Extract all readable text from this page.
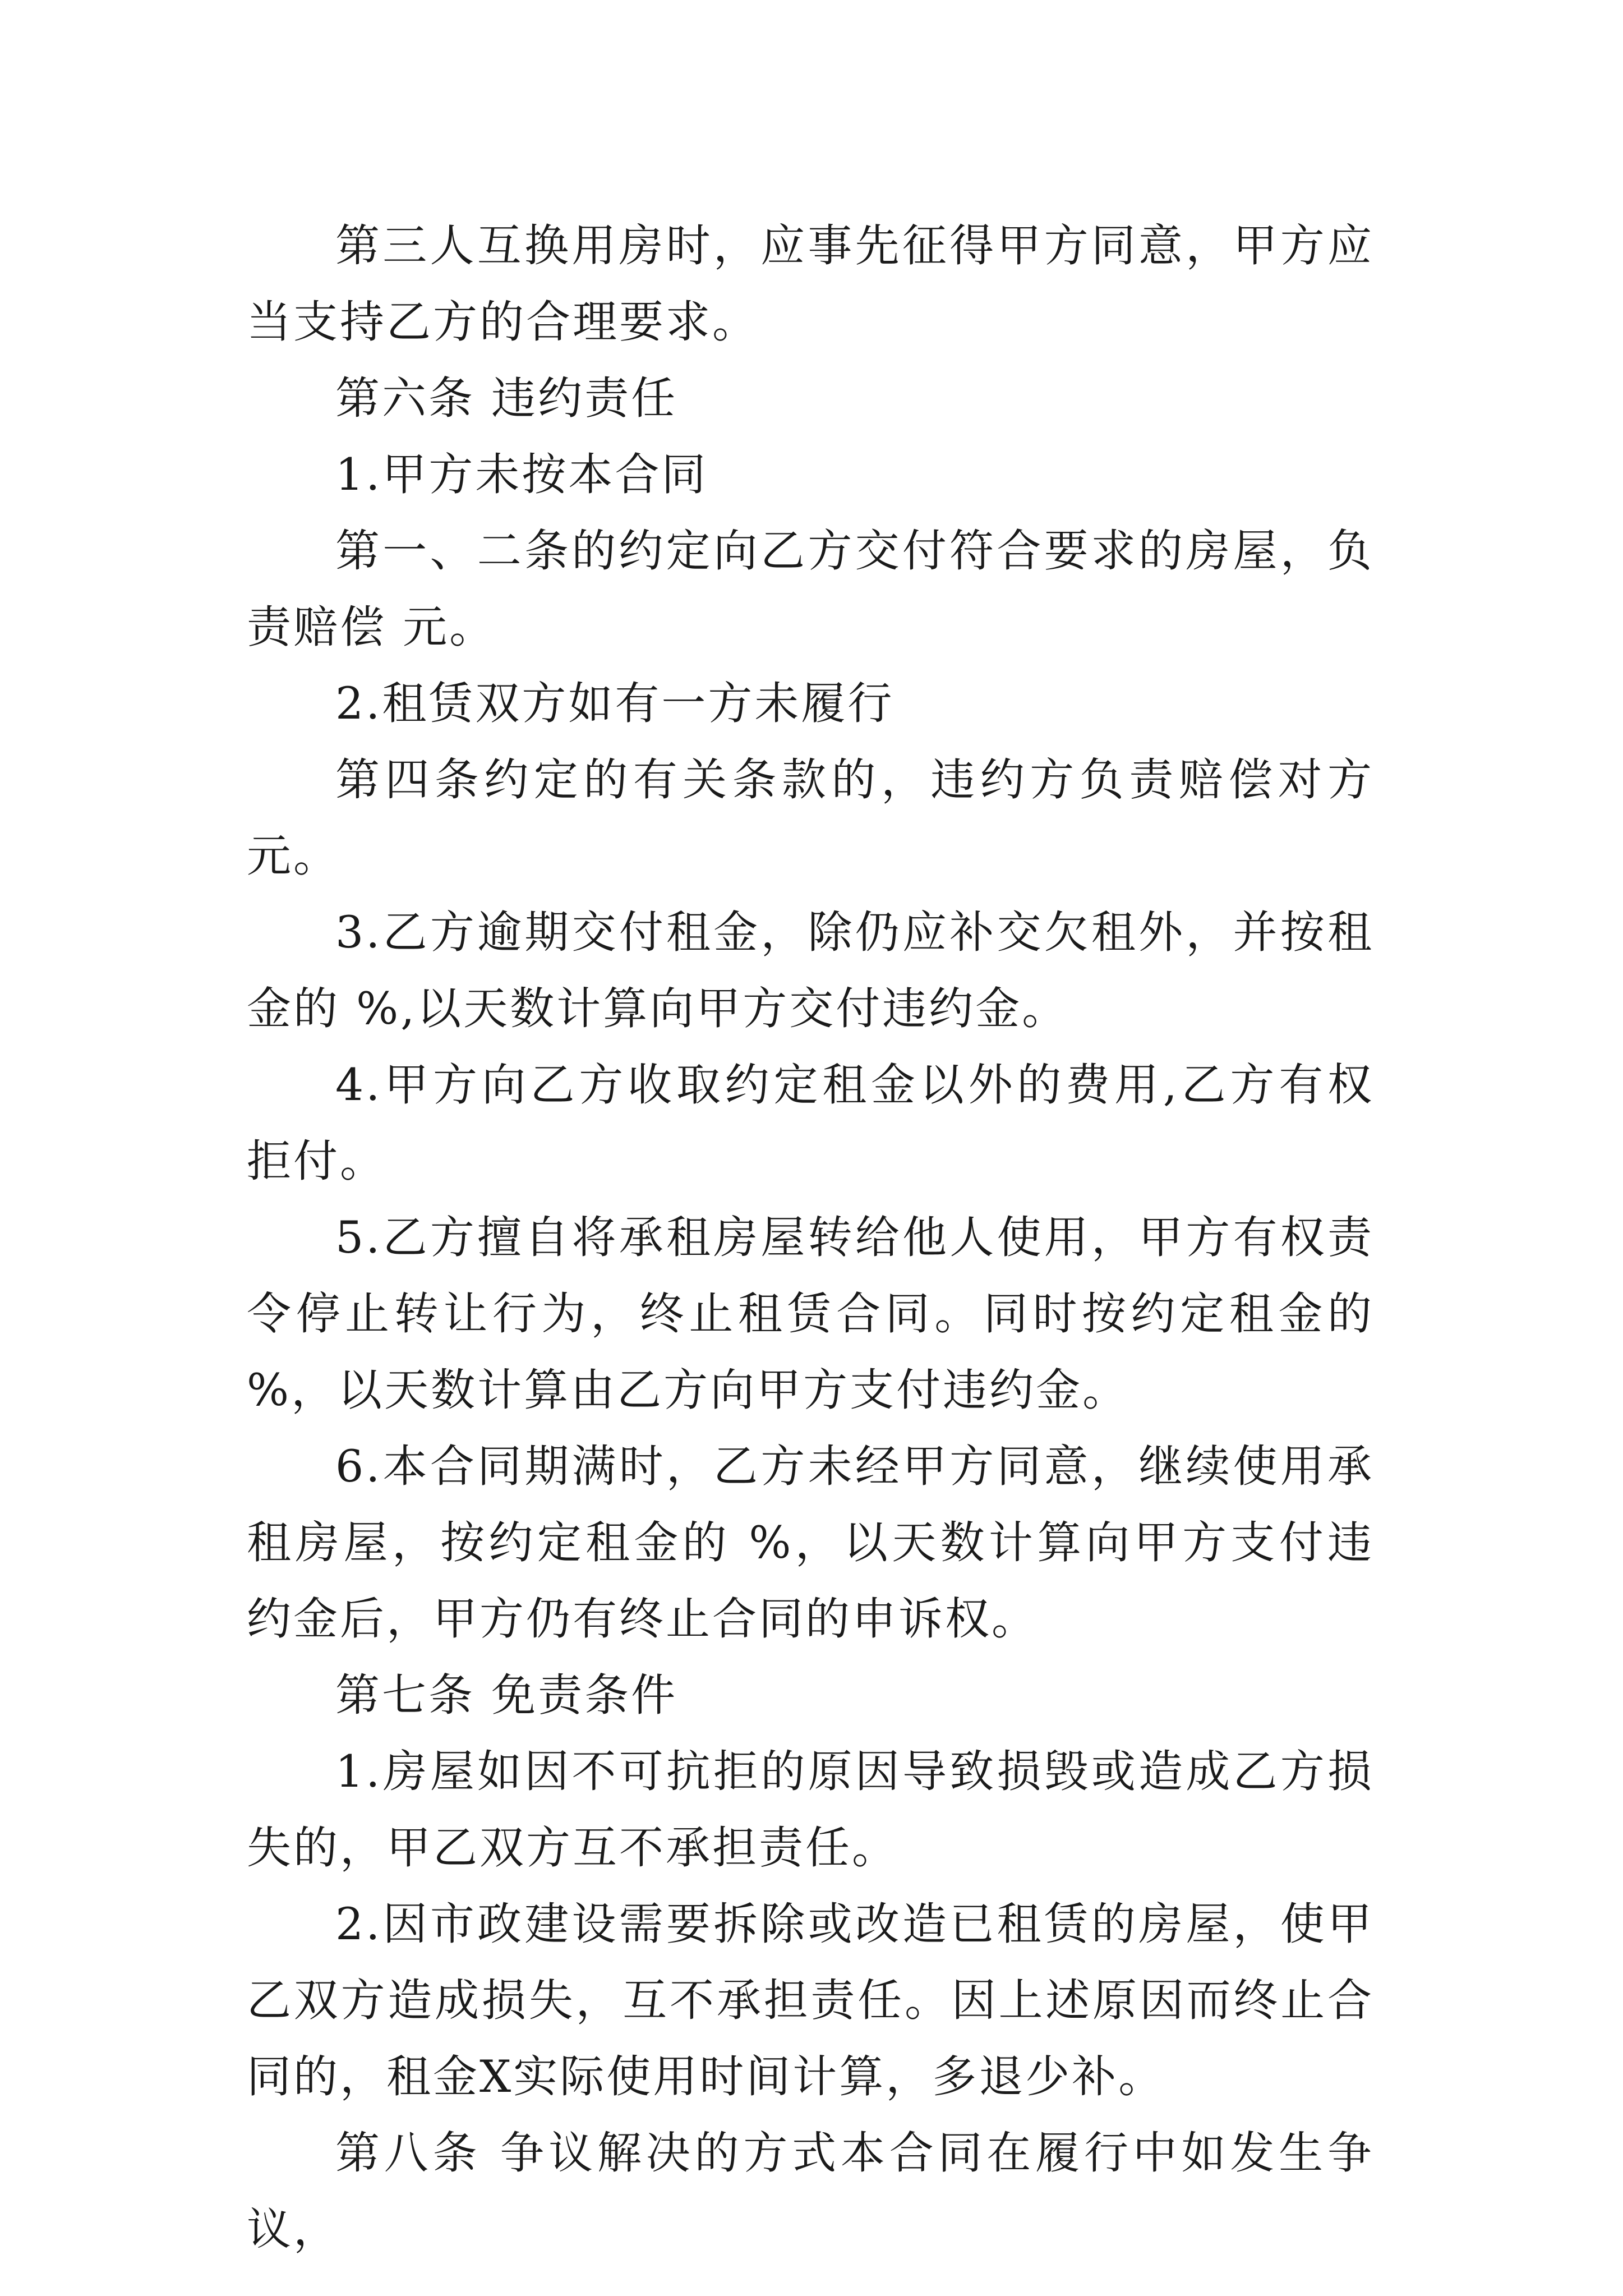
第三人互换用房时，应事先征得甲方同意，甲方应当支持乙方的合理要求。

第六条 违约责任

1.甲方未按本合同

第一、二条的约定向乙方交付符合要求的房屋，负责赔偿 元。

2.租赁双方如有一方未履行

第四条约定的有关条款的，违约方负责赔偿对方 元。

3.乙方逾期交付租金，除仍应补交欠租外，并按租金的 %,以天数计算向甲方交付违约金。

4.甲方向乙方收取约定租金以外的费用,乙方有权拒付。

5.乙方擅自将承租房屋转给他人使用，甲方有权责令停止转让行为，终止租赁合同。同时按约定租金的 %，以天数计算由乙方向甲方支付违约金。

6.本合同期满时，乙方未经甲方同意，继续使用承租房屋，按约定租金的 %，以天数计算向甲方支付违约金后，甲方仍有终止合同的申诉权。

第七条 免责条件

1.房屋如因不可抗拒的原因导致损毁或造成乙方损失的，甲乙双方互不承担责任。

2.因市政建设需要拆除或改造已租赁的房屋，使甲乙双方造成损失，互不承担责任。因上述原因而终止合同的，租金X实际使用时间计算，多退少补。

第八条 争议解决的方式本合同在履行中如发生争议，
